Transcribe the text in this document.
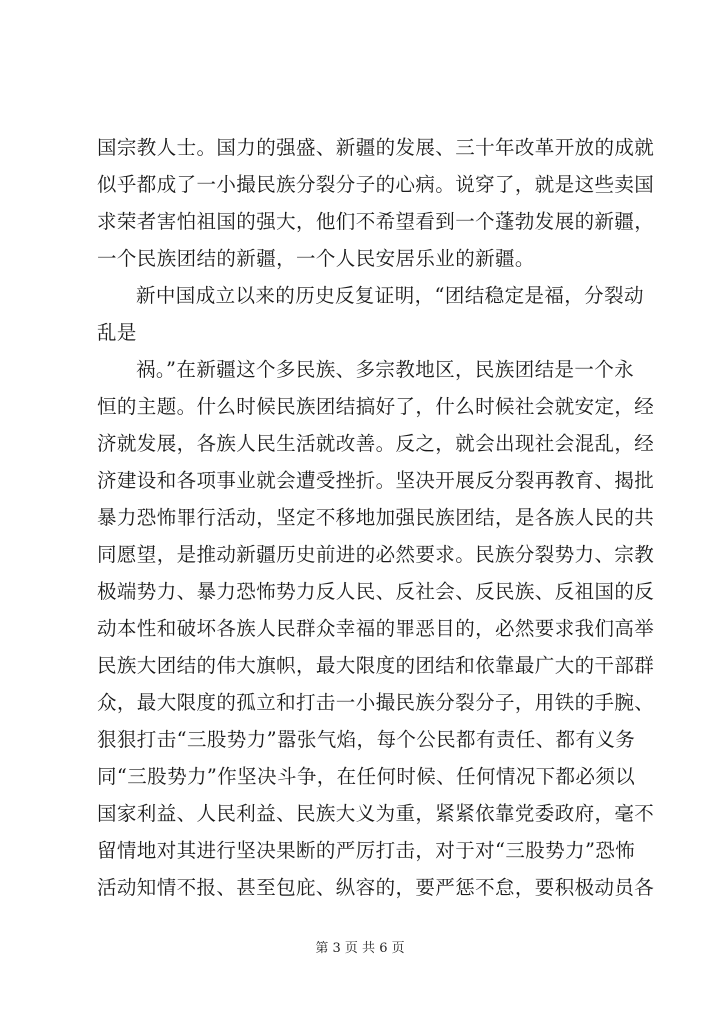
国宗教人士。国力的强盛、新疆的发展、三十年改革开放的成就
似乎都成了一小撮民族分裂分子的心病。说穿了，就是这些卖国
求荣者害怕祖国的强大，他们不希望看到一个蓬勃发展的新疆，
一个民族团结的新疆，一个人民安居乐业的新疆。
新中国成立以来的历史反复证明，“团结稳定是福，分裂动
乱是
祸。”在新疆这个多民族、多宗教地区，民族团结是一个永
恒的主题。什么时候民族团结搞好了，什么时候社会就安定，经
济就发展，各族人民生活就改善。反之，就会出现社会混乱，经
济建设和各项事业就会遭受挫折。坚决开展反分裂再教育、揭批
暴力恐怖罪行活动，坚定不移地加强民族团结，是各族人民的共
同愿望，是推动新疆历史前进的必然要求。民族分裂势力、宗教
极端势力、暴力恐怖势力反人民、反社会、反民族、反祖国的反
动本性和破坏各族人民群众幸福的罪恶目的，必然要求我们高举
民族大团结的伟大旗帜，最大限度的团结和依靠最广大的干部群
众，最大限度的孤立和打击一小撮民族分裂分子，用铁的手腕、
狠狠打击“三股势力”嚣张气焰，每个公民都有责任、都有义务
同“三股势力”作坚决斗争，在任何时候、任何情况下都必须以
国家利益、人民利益、民族大义为重，紧紧依靠党委政府，毫不
留情地对其进行坚决果断的严厉打击，对于对“三股势力”恐怖
活动知情不报、甚至包庇、纵容的，要严惩不怠，要积极动员各
第 3 页 共 6 页
